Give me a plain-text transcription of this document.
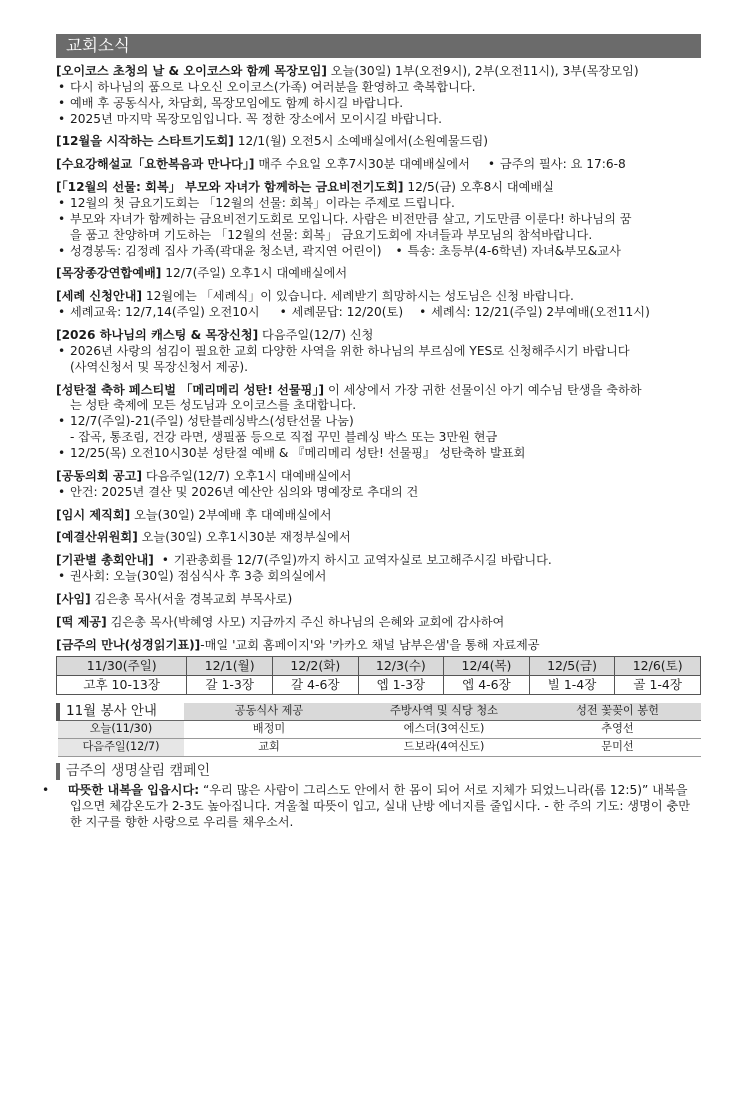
교회소식
[오이코스 초청의 날 & 오이코스와 함께 목장모임] 오늘(30일) 1부(오전9시), 2부(오전11시), 3부(목장모임)
• 다시 하나님의 품으로 나오신 오이코스(가족) 여러분을 환영하고 축복합니다.
• 예배 후 공동식사, 차담회, 목장모임에도 함께 하시길 바랍니다.
• 2025년 마지막 목장모임입니다. 꼭 정한 장소에서 모이시길 바랍니다.
[12월을 시작하는 스타트기도회] 12/1(월) 오전5시 소예배실에서(소원예물드림)
[수요강해설교「요한복음과 만나다」] 매주 수요일 오후7시30분 대예배실에서 • 금주의 필사: 요 17:6-8
[「12월의 선물: 회복」 부모와 자녀가 함께하는 금요비전기도회] 12/5(금) 오후8시 대예배실
• 12월의 첫 금요기도회는 「12월의 선물: 회복」이라는 주제로 드립니다.
• 부모와 자녀가 함께하는 금요비전기도회로 모입니다. 사람은 비전만큼 살고, 기도만큼 이룬다! 하나님의 꿈
을 품고 찬양하며 기도하는 「12월의 선물: 회복」 금요기도회에 자녀들과 부모님의 참석바랍니다.
• 성경봉독: 김정례 집사 가족(곽대윤 청소년, 곽지연 어린이) • 특송: 초등부(4-6학년) 자녀&부모&교사
[목장종강연합예배] 12/7(주일) 오후1시 대예배실에서
[세례 신청안내] 12월에는 「세례식」이 있습니다. 세례받기 희망하시는 성도님은 신청 바랍니다.
• 세례교육: 12/7,14(주일) 오전10시 • 세례문답: 12/20(토) • 세례식: 12/21(주일) 2부예배(오전11시)
[2026 하나님의 캐스팅 & 목장신청] 다음주일(12/7) 신청
• 2026년 사랑의 섬김이 필요한 교회 다양한 사역을 위한 하나님의 부르심에 YES로 신청해주시기 바랍니다
(사역신청서 및 목장신청서 제공).
[성탄절 축하 페스티벌 「메리메리 성탄! 선물핑」] 이 세상에서 가장 귀한 선물이신 아기 예수님 탄생을 축하하
는 성탄 축제에 모든 성도님과 오이코스를 초대합니다.
• 12/7(주일)-21(주일) 성탄블레싱박스(성탄선물 나눔)
- 잡곡, 통조림, 건강 라면, 생필품 등으로 직접 꾸민 블레싱 박스 또는 3만원 현금
• 12/25(목) 오전10시30분 성탄절 예배 & 『메리메리 성탄! 선물핑』 성탄축하 발표회
[공동의회 공고] 다음주일(12/7) 오후1시 대예배실에서
• 안건: 2025년 결산 및 2026년 예산안 심의와 명예장로 추대의 건
[임시 제직회] 오늘(30일) 2부예배 후 대예배실에서
[예결산위원회] 오늘(30일) 오후1시30분 재정부실에서
[기관별 총회안내] • 기관총회를 12/7(주일)까지 하시고 교역자실로 보고해주시길 바랍니다.
• 권사회: 오늘(30일) 점심식사 후 3층 회의실에서
[사임] 김은총 목사(서울 경복교회 부목사로)
[떡 제공] 김은총 목사(박혜영 사모) 지금까지 주신 하나님의 은혜와 교회에 감사하여
[금주의 만나(성경읽기표)]-매일 '교회 홈페이지'와 '카카오 채널 남부은샘'을 통해 자료제공
11/30(주일)	12/1(월)	12/2(화)	12/3(수)	12/4(목)	12/5(금)	12/6(토)
고후 10-13장	갈 1-3장	갈 4-6장	엡 1-3장	엡 4-6장	빌 1-4장	골 1-4장
11월 봉사 안내	공동식사 제공	주방사역 및 식당 청소	성전 꽃꽂이 봉헌
오늘(11/30)	배정미	에스더(3여신도)	추영선
다음주일(12/7)	교회	드보라(4여신도)	문미선
금주의 생명살림 캠페인
• 따뜻한 내복을 입읍시다: “우리 많은 사람이 그리스도 안에서 한 몸이 되어 서로 지체가 되었느니라(롬 12:5)” 내복을 입으면 체감온도가 2-3도 높아집니다. 겨울철 따뜻이 입고, 실내 난방 에너지를 줄입시다. - 한 주의 기도: 생명이 충만한 지구를 향한 사랑으로 우리를 채우소서.
